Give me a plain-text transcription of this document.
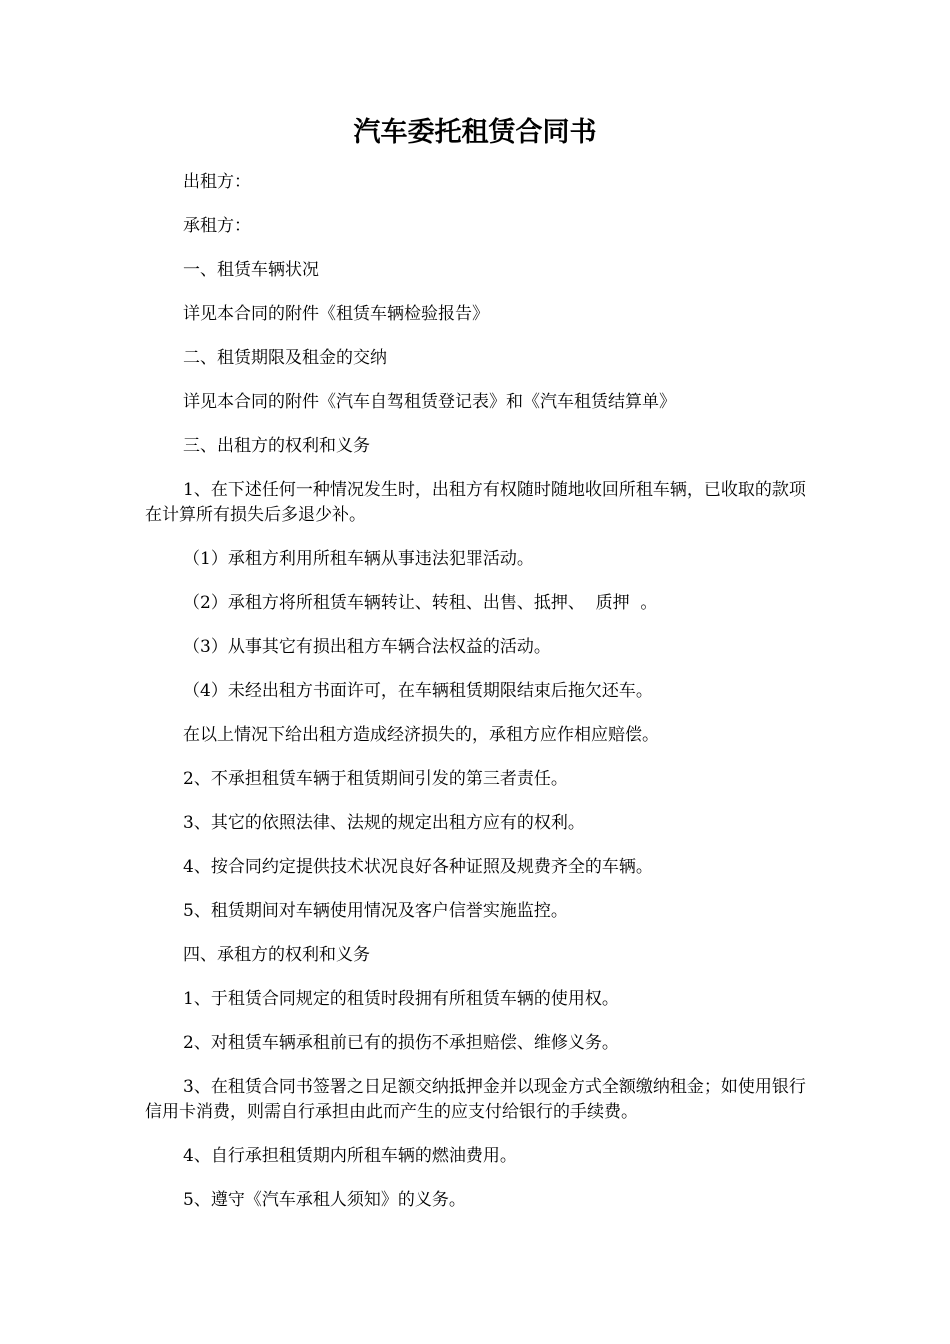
汽车委托租赁合同书

出租方：

承租方：

一、租赁车辆状况

详见本合同的附件《租赁车辆检验报告》

二、租赁期限及租金的交纳

详见本合同的附件《汽车自驾租赁登记表》和《汽车租赁结算单》

三、出租方的权利和义务

1、在下述任何一种情况发生时，出租方有权随时随地收回所租车辆，已收取的款项在计算所有损失后多退少补。

（1）承租方利用所租车辆从事违法犯罪活动。

（2）承租方将所租赁车辆转让、转租、出售、抵押、  质押  。

（3）从事其它有损出租方车辆合法权益的活动。

（4）未经出租方书面许可，在车辆租赁期限结束后拖欠还车。

在以上情况下给出租方造成经济损失的，承租方应作相应赔偿。

2、不承担租赁车辆于租赁期间引发的第三者责任。

3、其它的依照法律、法规的规定出租方应有的权利。

4、按合同约定提供技术状况良好各种证照及规费齐全的车辆。

5、租赁期间对车辆使用情况及客户信誉实施监控。

四、承租方的权利和义务

1、于租赁合同规定的租赁时段拥有所租赁车辆的使用权。

2、对租赁车辆承租前已有的损伤不承担赔偿、维修义务。

3、在租赁合同书签署之日足额交纳抵押金并以现金方式全额缴纳租金；如使用银行信用卡消费，则需自行承担由此而产生的应支付给银行的手续费。

4、自行承担租赁期内所租车辆的燃油费用。

5、遵守《汽车承租人须知》的义务。
